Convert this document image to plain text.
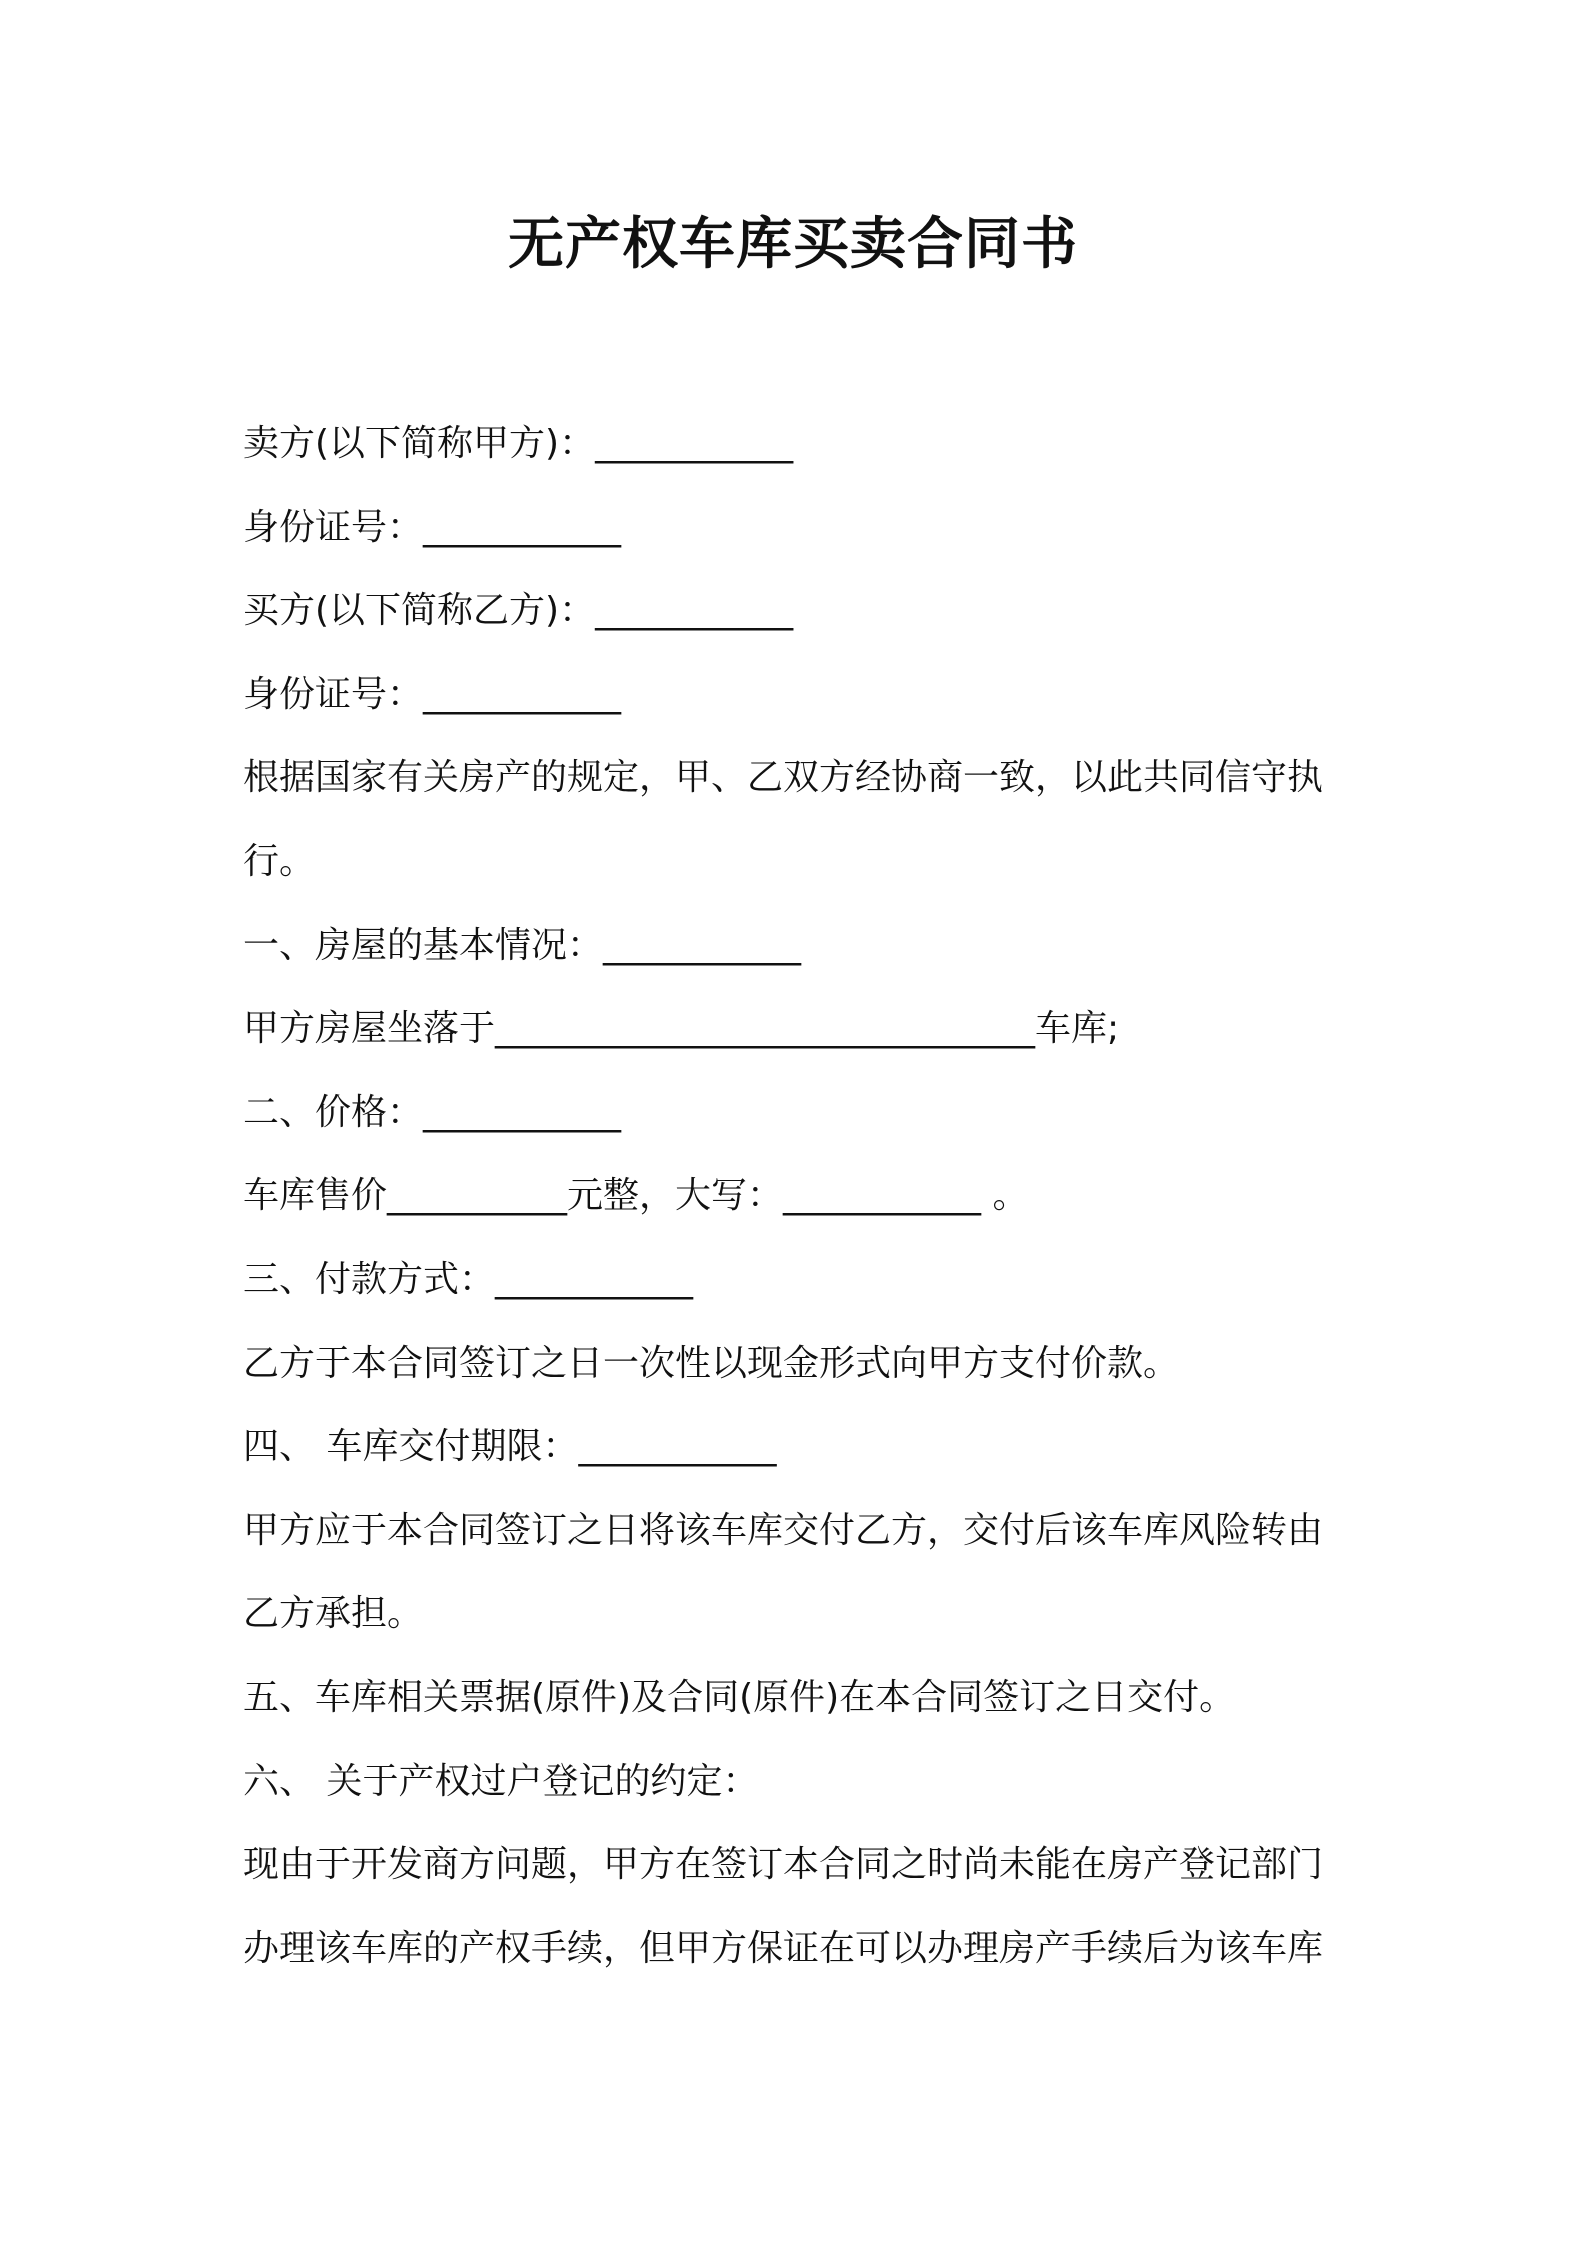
无产权车库买卖合同书
卖方(以下简称甲方)：___________
身份证号：___________
买方(以下简称乙方)：___________
身份证号：___________
根据国家有关房产的规定，甲、乙双方经协商一致，以此共同信守执
行。
一、房屋的基本情况：___________
甲方房屋坐落于______________________________车库;
二、价格：___________
车库售价__________元整，大写：___________ 。
三、付款方式：___________
乙方于本合同签订之日一次性以现金形式向甲方支付价款。
四、 车库交付期限：___________
甲方应于本合同签订之日将该车库交付乙方，交付后该车库风险转由
乙方承担。
五、车库相关票据(原件)及合同(原件)在本合同签订之日交付。
六、 关于产权过户登记的约定：
现由于开发商方问题，甲方在签订本合同之时尚未能在房产登记部门
办理该车库的产权手续，但甲方保证在可以办理房产手续后为该车库
